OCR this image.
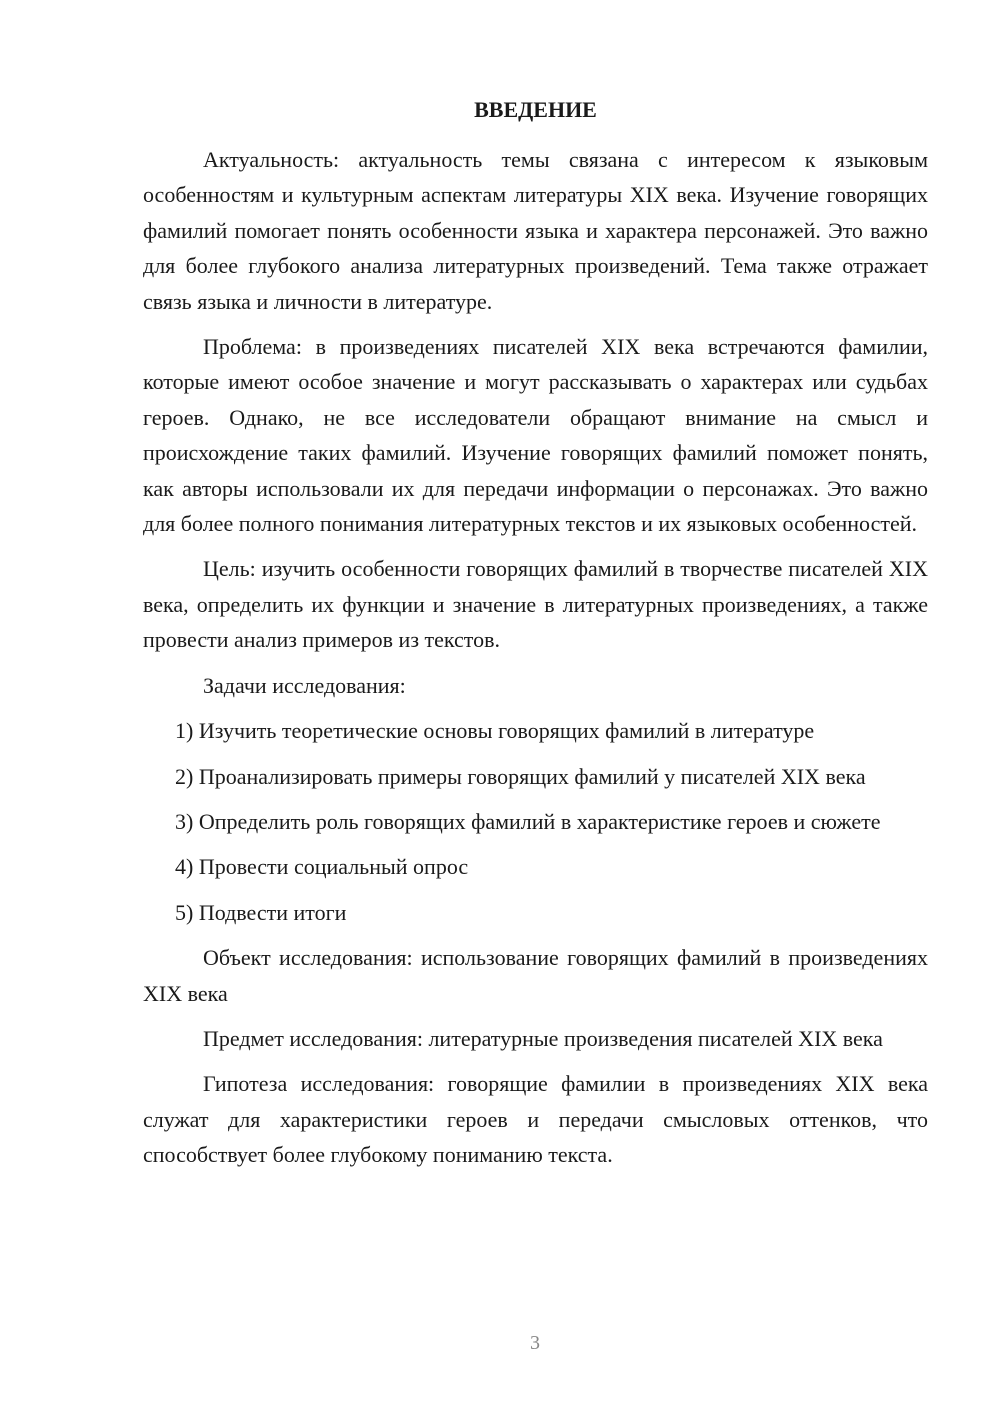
ВВЕДЕНИЕ

Актуальность: актуальность темы связана с интересом к языковым особенностям и культурным аспектам литературы XIX века. Изучение говорящих фамилий помогает понять особенности языка и характера персонажей. Это важно для более глубокого анализа литературных произведений. Тема также отражает связь языка и личности в литературе.

Проблема: в произведениях писателей XIX века встречаются фамилии, которые имеют особое значение и могут рассказывать о характерах или судьбах героев. Однако, не все исследователи обращают внимание на смысл и происхождение таких фамилий. Изучение говорящих фамилий поможет понять, как авторы использовали их для передачи информации о персонажах. Это важно для более полного понимания литературных текстов и их языковых особенностей.

Цель: изучить особенности говорящих фамилий в творчестве писателей XIX века, определить их функции и значение в литературных произведениях, а также провести анализ примеров из текстов.

Задачи исследования:

1) Изучить теоретические основы говорящих фамилий в литературе

2) Проанализировать примеры говорящих фамилий у писателей XIX века

3) Определить роль говорящих фамилий в характеристике героев и сюжете

4) Провести социальный опрос

5) Подвести итоги

Объект исследования: использование говорящих фамилий в произведениях XIX века

Предмет исследования: литературные произведения писателей XIX века

Гипотеза исследования: говорящие фамилии в произведениях XIX века служат для характеристики героев и передачи смысловых оттенков, что способствует более глубокому пониманию текста.

3
